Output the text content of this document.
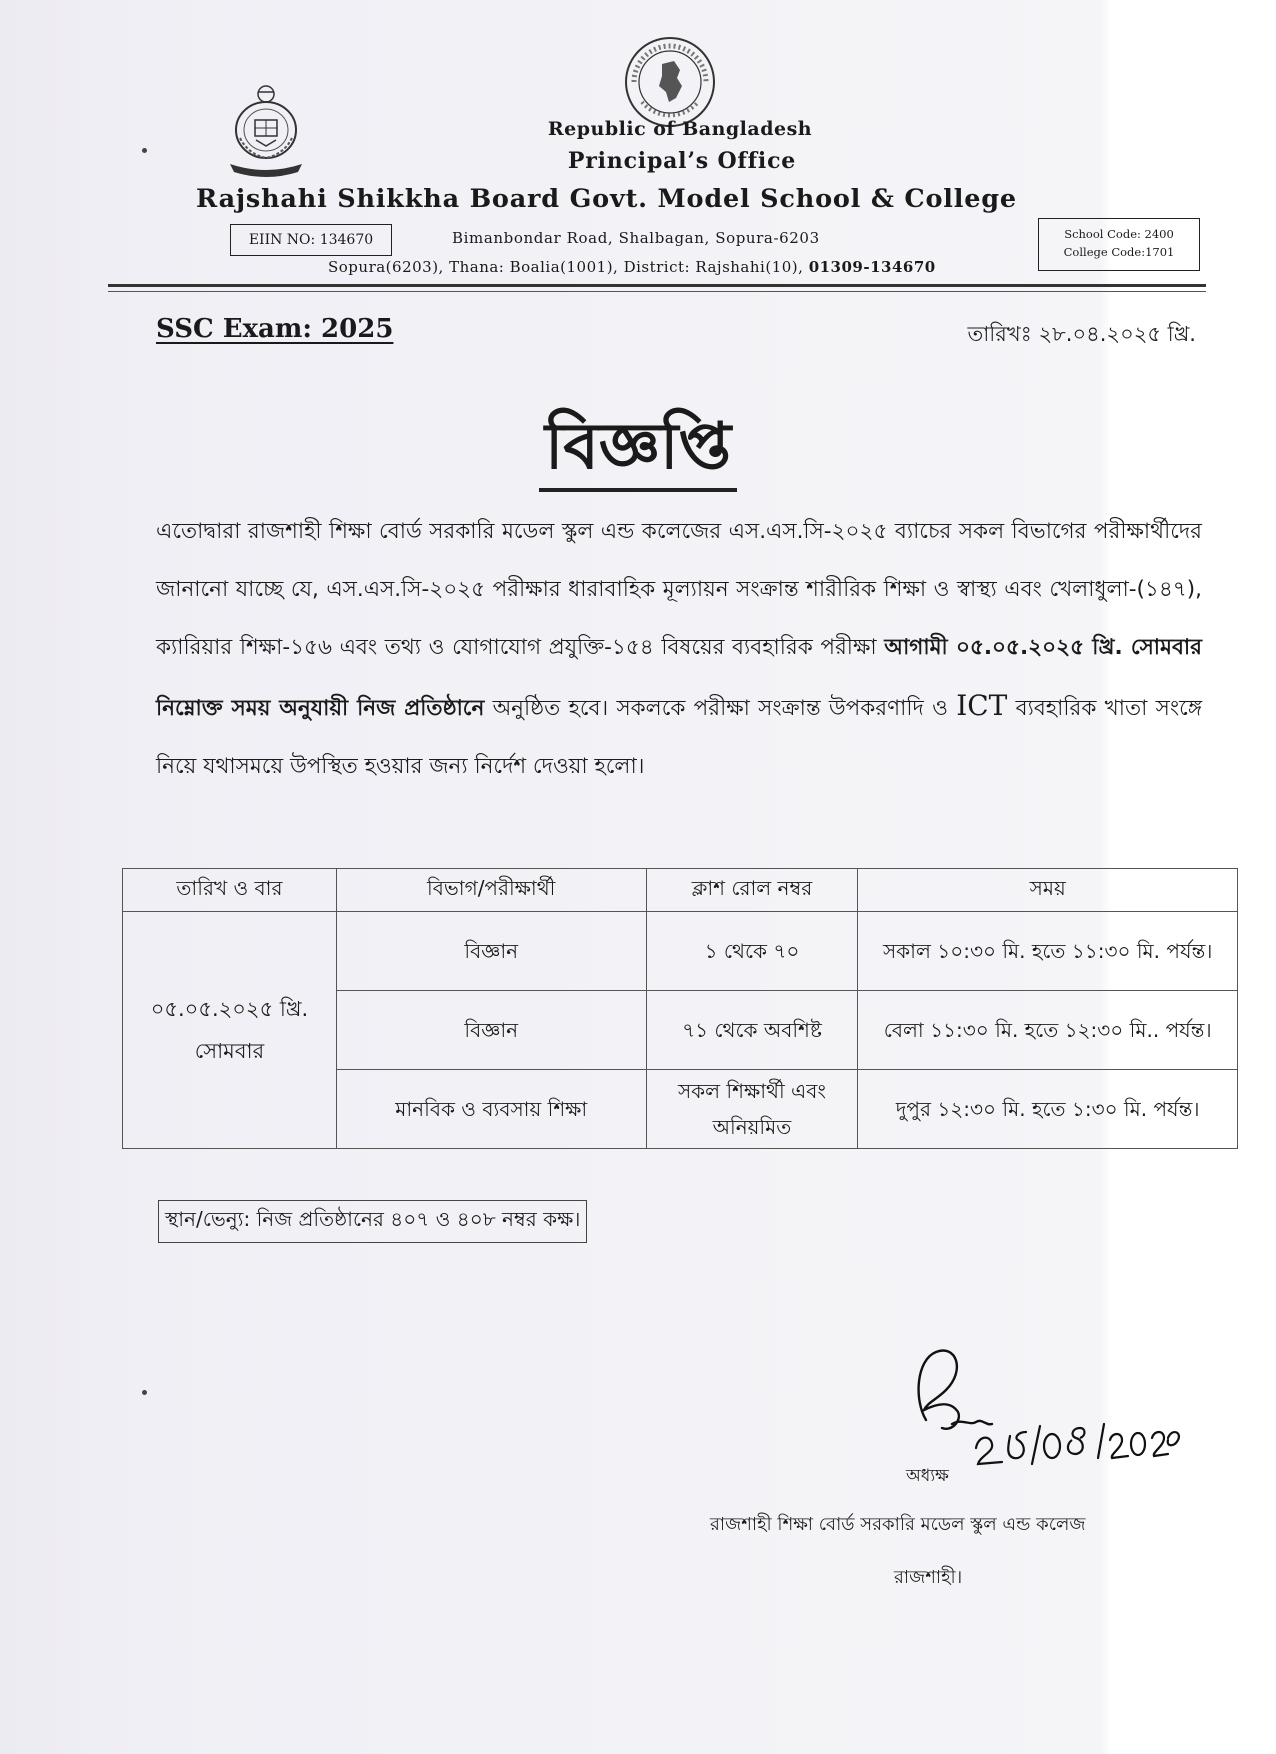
Republic of Bangladesh
Principal’s Office
Rajshahi Shikkha Board Govt. Model School & College
EIIN NO: 134670	Bimanbondar Road, Shalbagan, Sopura-6203
Sopura(6203), Thana: Boalia(1001), District: Rajshahi(10), 01309-134670
School Code: 2400
College Code:1701
SSC Exam: 2025	তারিখঃ ২৮.০৪.২০২৫ খ্রি.
বিজ্ঞপ্তি
এতোদ্বারা রাজশাহী শিক্ষা বোর্ড সরকারি মডেল স্কুল এন্ড কলেজের এস.এস.সি-২০২৫ ব্যাচের সকল বিভাগের পরীক্ষার্থীদের জানানো যাচ্ছে যে, এস.এস.সি-২০২৫ পরীক্ষার ধারাবাহিক মূল্যায়ন সংক্রান্ত শারীরিক শিক্ষা ও স্বাস্থ্য এবং খেলাধুলা-(১৪৭), ক্যারিয়ার শিক্ষা-১৫৬ এবং তথ্য ও যোগাযোগ প্রযুক্তি-১৫৪ বিষয়ের ব্যবহারিক পরীক্ষা আগামী ০৫.০৫.২০২৫ খ্রি. সোমবার নিম্নোক্ত সময় অনুযায়ী নিজ প্রতিষ্ঠানে অনুষ্ঠিত হবে। সকলকে পরীক্ষা সংক্রান্ত উপকরণাদি ও ICT ব্যবহারিক খাতা সংঙ্গে নিয়ে যথাসময়ে উপস্থিত হওয়ার জন্য নির্দেশ দেওয়া হলো।
তারিখ ও বার	বিভাগ/পরীক্ষার্থী	ক্লাশ রোল নম্বর	সময়

০৫.০৫.২০২৫ খ্রি.
সোমবার	বিজ্ঞান	১ থেকে ৭০	সকাল ১০:৩০ মি. হতে ১১:৩০ মি. পর্যন্ত।
	বিজ্ঞান	৭১ থেকে অবশিষ্ট	বেলা ১১:৩০ মি. হতে ১২:৩০ মি.. পর্যন্ত।
	মানবিক ও ব্যবসায় শিক্ষা	সকল শিক্ষার্থী এবং অনিয়মিত	দুপুর ১২:৩০ মি. হতে ১:৩০ মি. পর্যন্ত।
স্থান/ভেন্যু: নিজ প্রতিষ্ঠানের ৪০৭ ও ৪০৮ নম্বর কক্ষ।
অধ্যক্ষ
রাজশাহী শিক্ষা বোর্ড সরকারি মডেল স্কুল এন্ড কলেজ
রাজশাহী।
